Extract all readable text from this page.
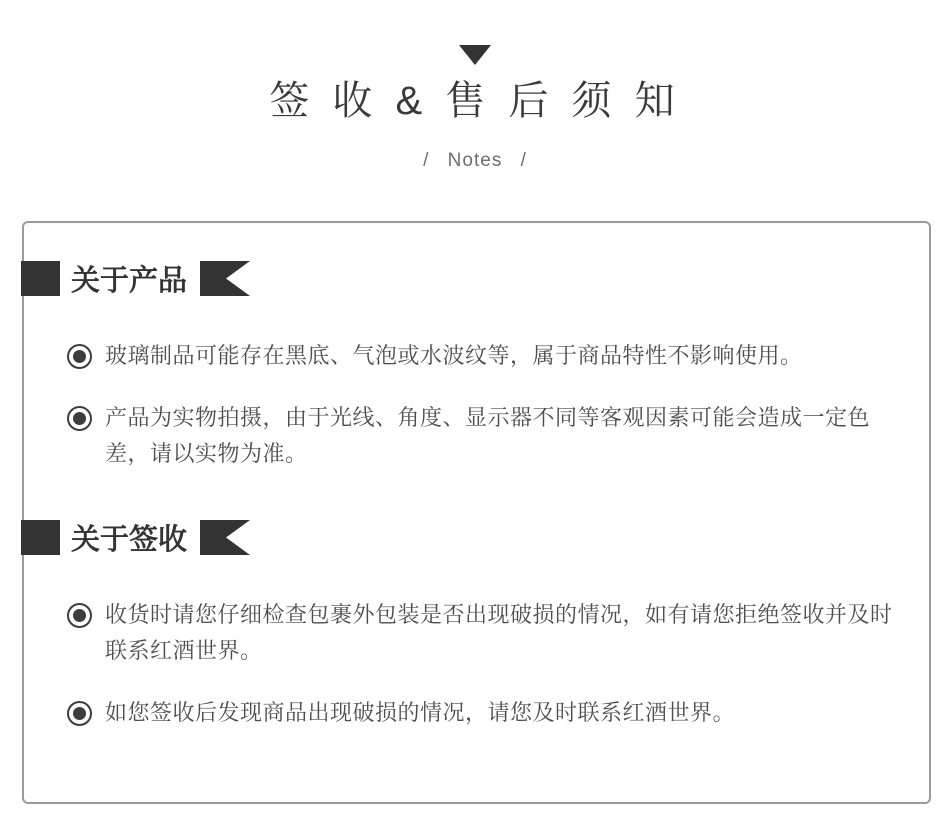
签 收 & 售 后 须 知
/ Notes /
关于产品
玻璃制品可能存在黑底、气泡或水波纹等，属于商品特性不影响使用。
产品为实物拍摄，由于光线、角度、显示器不同等客观因素可能会造成一定色差，请以实物为准。
关于签收
收货时请您仔细检查包裹外包装是否出现破损的情况，如有请您拒绝签收并及时联系红酒世界。
如您签收后发现商品出现破损的情况，请您及时联系红酒世界。
